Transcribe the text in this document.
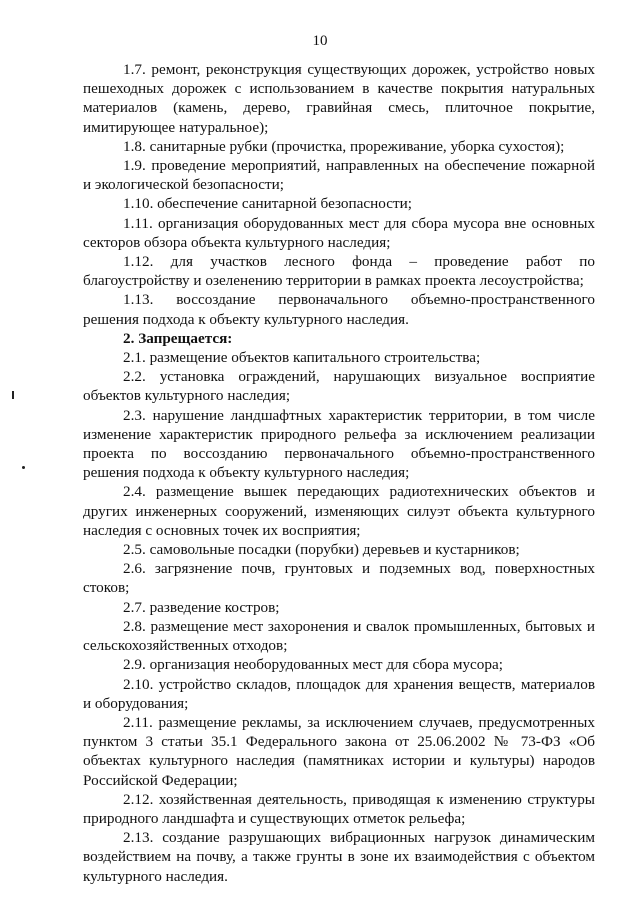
10

1.7. ремонт, реконструкция существующих дорожек, устройство новых пешеходных дорожек с использованием в качестве покрытия натуральных материалов (камень, дерево, гравийная смесь, плиточное покрытие, имитирующее натуральное);

1.8. санитарные рубки (прочистка, прореживание, уборка сухостоя);

1.9. проведение мероприятий, направленных на обеспечение пожарной и экологической безопасности;

1.10. обеспечение санитарной безопасности;

1.11. организация оборудованных мест для сбора мусора вне основных секторов обзора объекта культурного наследия;

1.12. для участков лесного фонда – проведение работ по благоустройству и озеленению территории в рамках проекта лесоустройства;

1.13. воссоздание первоначального объемно-пространственного решения подхода к объекту культурного наследия.

2. Запрещается:

2.1. размещение объектов капитального строительства;

2.2. установка ограждений, нарушающих визуальное восприятие объектов культурного наследия;

2.3. нарушение ландшафтных характеристик территории, в том числе изменение характеристик природного рельефа за исключением реализации проекта по воссозданию первоначального объемно-пространственного решения подхода к объекту культурного наследия;

2.4. размещение вышек передающих радиотехнических объектов и других инженерных сооружений, изменяющих силуэт объекта культурного наследия с основных точек их восприятия;

2.5. самовольные посадки (порубки) деревьев и кустарников;

2.6. загрязнение почв, грунтовых и подземных вод, поверхностных стоков;

2.7. разведение костров;

2.8. размещение мест захоронения и свалок промышленных, бытовых и сельскохозяйственных отходов;

2.9. организация необорудованных мест для сбора мусора;

2.10. устройство складов, площадок для хранения веществ, материалов и оборудования;

2.11. размещение рекламы, за исключением случаев, предусмотренных пунктом 3 статьи 35.1 Федерального закона от 25.06.2002 № 73-ФЗ «Об объектах культурного наследия (памятниках истории и культуры) народов Российской Федерации;

2.12. хозяйственная деятельность, приводящая к изменению структуры природного ландшафта и существующих отметок рельефа;

2.13. создание разрушающих вибрационных нагрузок динамическим воздействием на почву, а также грунты в зоне их взаимодействия с объектом культурного наследия.
